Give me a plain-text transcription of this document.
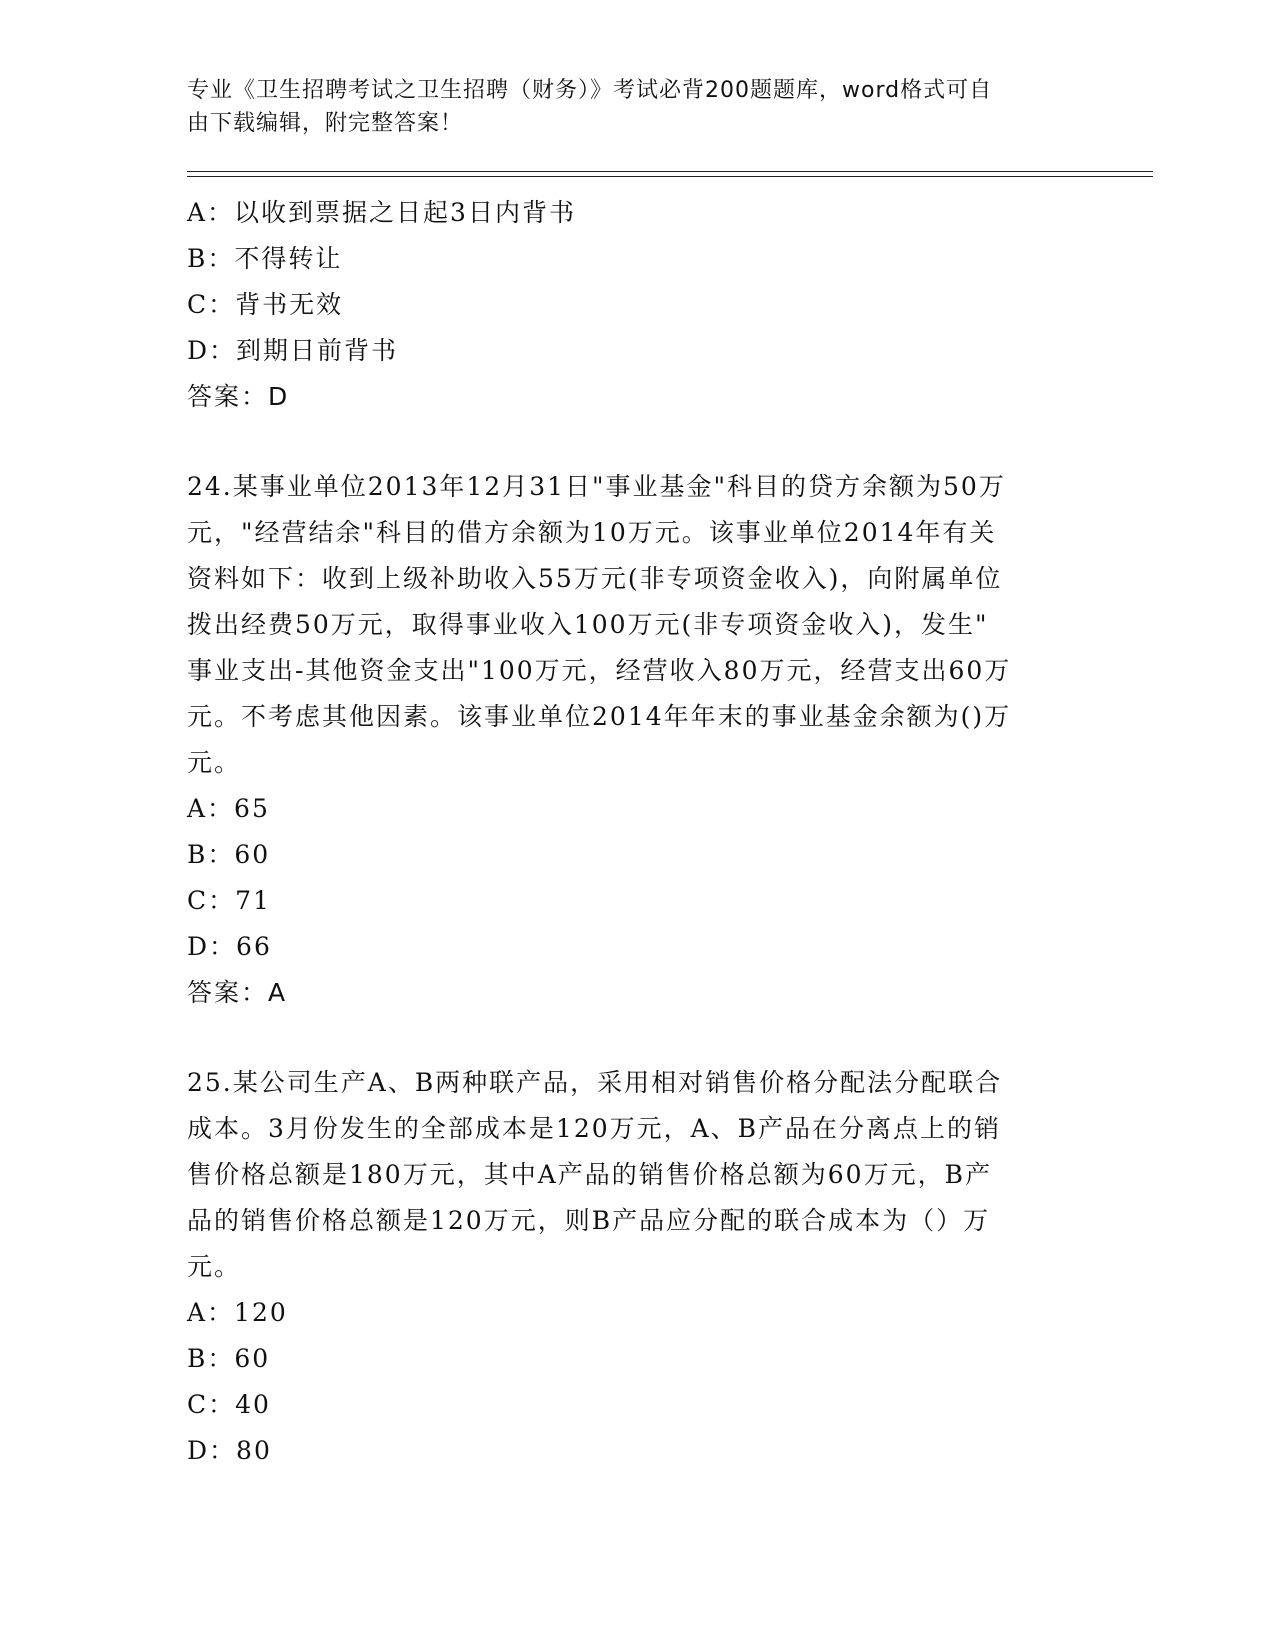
专业《卫生招聘考试之卫生招聘（财务）》考试必背200题题库，word格式可自
由下载编辑，附完整答案！
A：以收到票据之日起3日内背书
B：不得转让
C：背书无效
D：到期日前背书
答案：D
24.某事业单位2013年12月31日"事业基金"科目的贷方余额为50万
元，"经营结余"科目的借方余额为10万元。该事业单位2014年有关
资料如下：收到上级补助收入55万元(非专项资金收入)，向附属单位
拨出经费50万元，取得事业收入100万元(非专项资金收入)，发生"
事业支出-其他资金支出"100万元，经营收入80万元，经营支出60万
元。不考虑其他因素。该事业单位2014年年末的事业基金余额为()万
元。
A：65
B：60
C：71
D：66
答案：A
25.某公司生产A、B两种联产品，采用相对销售价格分配法分配联合
成本。3月份发生的全部成本是120万元，A、B产品在分离点上的销
售价格总额是180万元，其中A产品的销售价格总额为60万元，B产
品的销售价格总额是120万元，则B产品应分配的联合成本为（）万
元。
A：120
B：60
C：40
D：80
